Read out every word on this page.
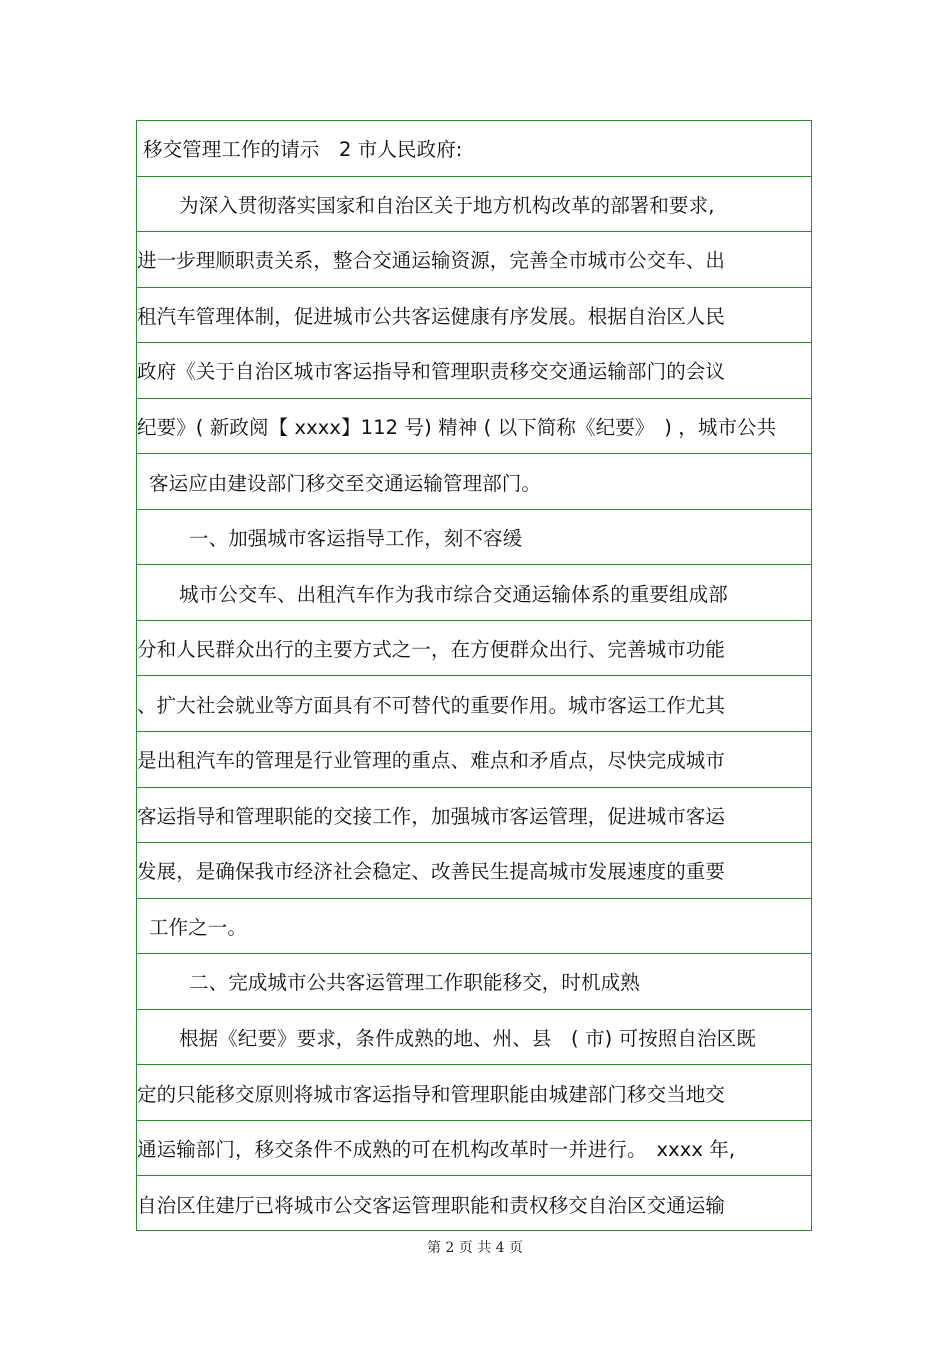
移交管理工作的请示　2 市人民政府:
为深入贯彻落实国家和自治区关于地方机构改革的部署和要求,
进一步理顺职责关系，整合交通运输资源，完善全市城市公交车、出
租汽车管理体制，促进城市公共客运健康有序发展。根据自治区人民
政府《关于自治区城市客运指导和管理职责移交交通运输部门的会议
纪要》( 新政阅【 xxxx】112 号) 精神 ( 以下简称《纪要》　) ，城市公共
客运应由建设部门移交至交通运输管理部门。
一、加强城市客运指导工作，刻不容缓
城市公交车、出租汽车作为我市综合交通运输体系的重要组成部
分和人民群众出行的主要方式之一，在方便群众出行、完善城市功能
、扩大社会就业等方面具有不可替代的重要作用。城市客运工作尤其
是出租汽车的管理是行业管理的重点、难点和矛盾点，尽快完成城市
客运指导和管理职能的交接工作，加强城市客运管理，促进城市客运
发展，是确保我市经济社会稳定、改善民生提高城市发展速度的重要
工作之一。
二、完成城市公共客运管理工作职能移交，时机成熟
根据《纪要》要求，条件成熟的地、州、县　( 市) 可按照自治区既
定的只能移交原则将城市客运指导和管理职能由城建部门移交当地交
通运输部门，移交条件不成熟的可在机构改革时一并进行。　xxxx 年,
自治区住建厅已将城市公交客运管理职能和责权移交自治区交通运输
第 2 页 共 4 页
